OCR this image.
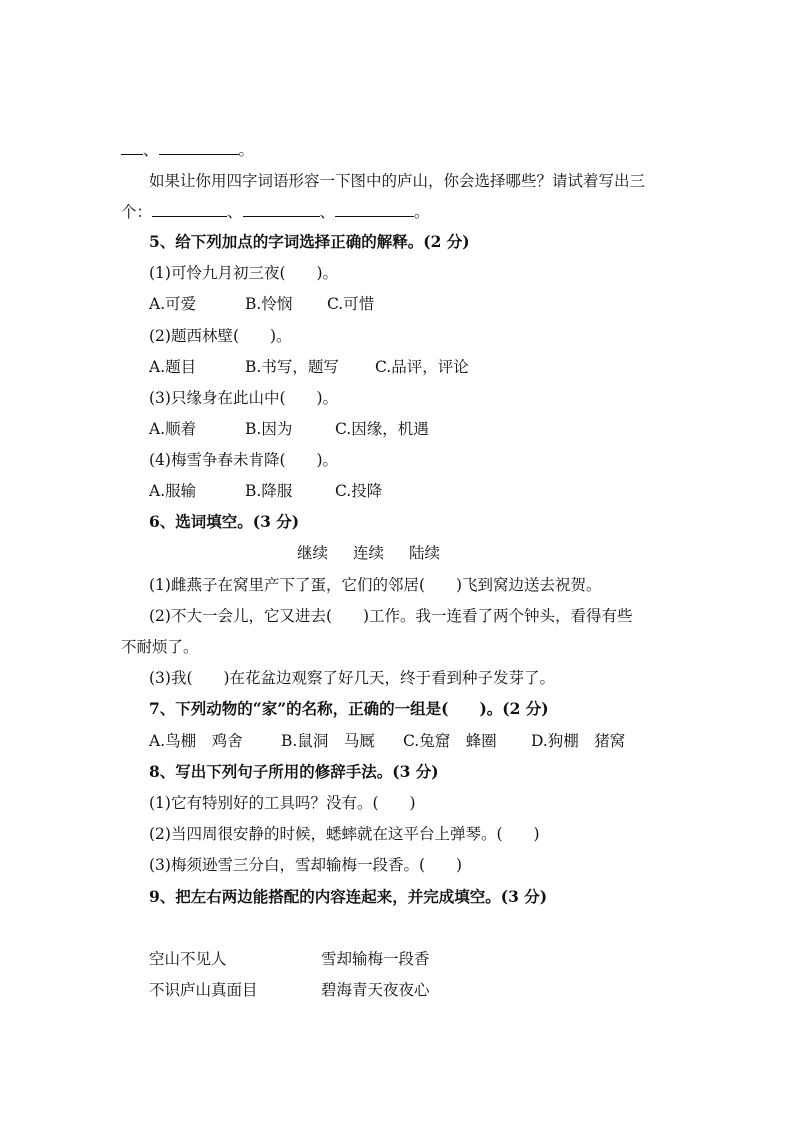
、	。
如果让你用四字词语形容一下图中的庐山，你会选择哪些？请试着写出三
个：	、	、	。
5、给下列加点的字词选择正确的解释。(2 分)
(1)可怜九月初三夜(　　)。
A.可爱	B.怜悯 C.可惜
(2)题西林壁(　　)。
A.题目	B.书写，题写 C.品评，评论
(3)只缘身在此山中(　　)。
A.顺着	B.因为	C.因缘，机遇
(4)梅雪争春未肯降(　　)。
A.服输	B.降服	C.投降
6、选词填空。(3 分)
继续 连续 陆续
(1)雌燕子在窝里产下了蛋，它们的邻居(　　)飞到窝边送去祝贺。
(2)不大一会儿，它又进去(　　)工作。我一连看了两个钟头，看得有些
不耐烦了。
(3)我(　　)在花盆边观察了好几天，终于看到种子发芽了。
7、下列动物的“家”的名称，正确的一组是(　　)。(2 分)
A.鸟棚　鸡舍 B.鼠洞　马厩 C.兔窟　蜂圈 D.狗棚　猪窝
8、写出下列句子所用的修辞手法。(3 分)
(1)它有特别好的工具吗？没有。(　　)
(2)当四周很安静的时候，蟋蟀就在这平台上弹琴。(　　)
(3)梅须逊雪三分白，雪却输梅一段香。(　　)
9、把左右两边能搭配的内容连起来，并完成填空。(3 分)
空山不见人	雪却输梅一段香
不识庐山真面目	碧海青天夜夜心
